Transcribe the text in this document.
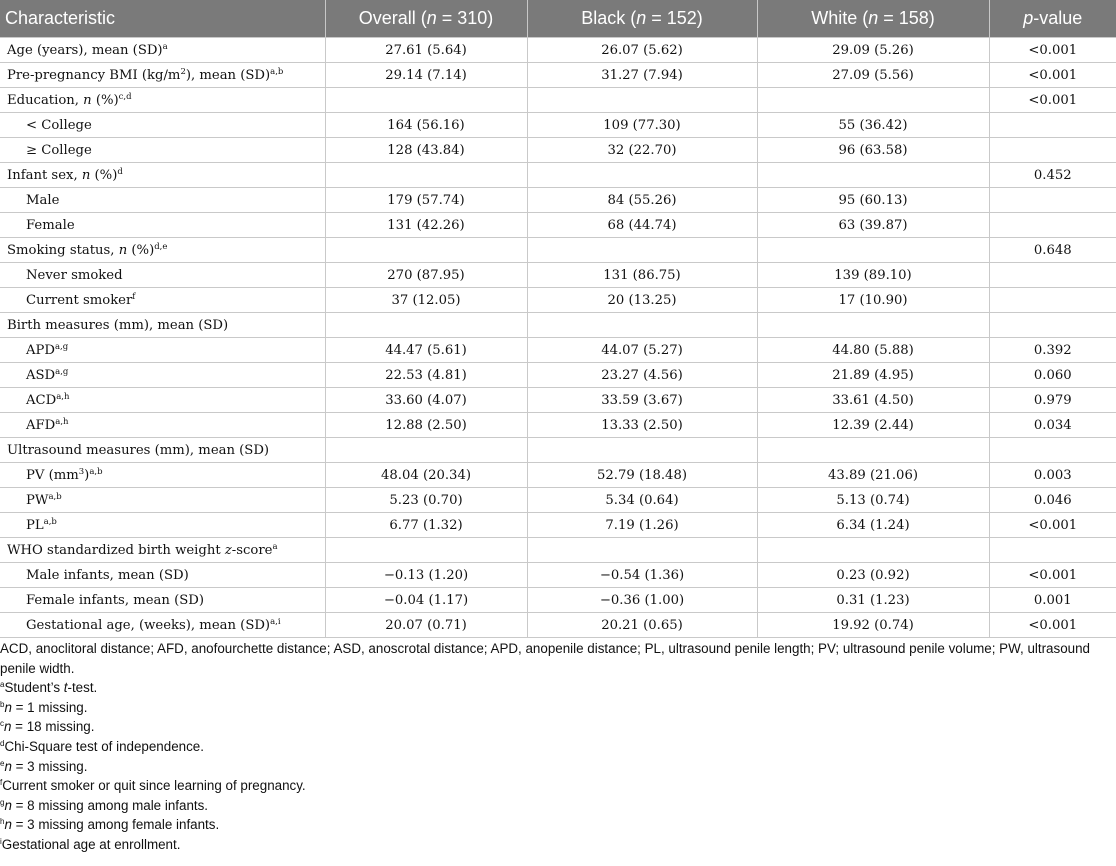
Characteristic	Overall (n = 310)	Black (n = 152)	White (n = 158)	p-value
Age (years), mean (SD)$^a$	27.61 (5.64)	26.07 (5.62)	29.09 (5.26)	<0.001
Pre-pregnancy BMI $(kg/m^2)$, mean (SD)$^{a,b}$	29.14 (7.14)	31.27 (7.94)	27.09 (5.56)	<0.001
Education, n (%)$^{c,d}$				<0.001
< College	164 (56.16)	109 (77.30)	55 (36.42)	
≥ College	128 (43.84)	32 (22.70)	96 (63.58)	
Infant sex, n (%)$^d$				0.452
Male	179 (57.74)	84 (55.26)	95 (60.13)	
Female	131 (42.26)	68 (44.74)	63 (39.87)	
Smoking status, n (%)$^{d,e}$				0.648
Never smoked	270 (87.95)	131 (86.75)	139 (89.10)	
Current smoker$^f$	37 (12.05)	20 (13.25)	17 (10.90)	
Birth measures (mm), mean (SD)				
APD$^{a,g}$	44.47 (5.61)	44.07 (5.27)	44.80 (5.88)	0.392
ASD$^{a,g}$	22.53 (4.81)	23.27 (4.56)	21.89 (4.95)	0.060
ACD$^{a,h}$	33.60 (4.07)	33.59 (3.67)	33.61 (4.50)	0.979
AFD$^{a,h}$	12.88 (2.50)	13.33 (2.50)	12.39 (2.44)	0.034
Ultrasound measures (mm), mean (SD)				
PV $(mm^3)^{a,b}$	48.04 (20.34)	52.79 (18.48)	43.89 (21.06)	0.003
PW$^{a,b}$	5.23 (0.70)	5.34 (0.64)	5.13 (0.74)	0.046
PL$^{a,b}$	6.77 (1.32)	7.19 (1.26)	6.34 (1.24)	<0.001
WHO standardized birth weight z-score$^a$				
Male infants, mean (SD)	−0.13 (1.20)	−0.54 (1.36)	0.23 (0.92)	<0.001
Female infants, mean (SD)	−0.04 (1.17)	−0.36 (1.00)	0.31 (1.23)	0.001
Gestational age, (weeks), mean (SD)$^{a,i}$	20.07 (0.71)	20.21 (0.65)	19.92 (0.74)	<0.001

ACD, anoclitoral distance; AFD, anofourchette distance; ASD, anoscrotal distance; APD, anopenile distance; PL, ultrasound penile length; PV; ultrasound penile volume; PW, ultrasound penile width.

$^a$Student’s t-test.

$^b$n = 1 missing.

$^c$n = 18 missing.

$^d$Chi-Square test of independence.

$^e$n = 3 missing.

$^f$Current smoker or quit since learning of pregnancy.

$^g$n = 8 missing among male infants.

$^h$n = 3 missing among female infants.

$^i$Gestational age at enrollment.
